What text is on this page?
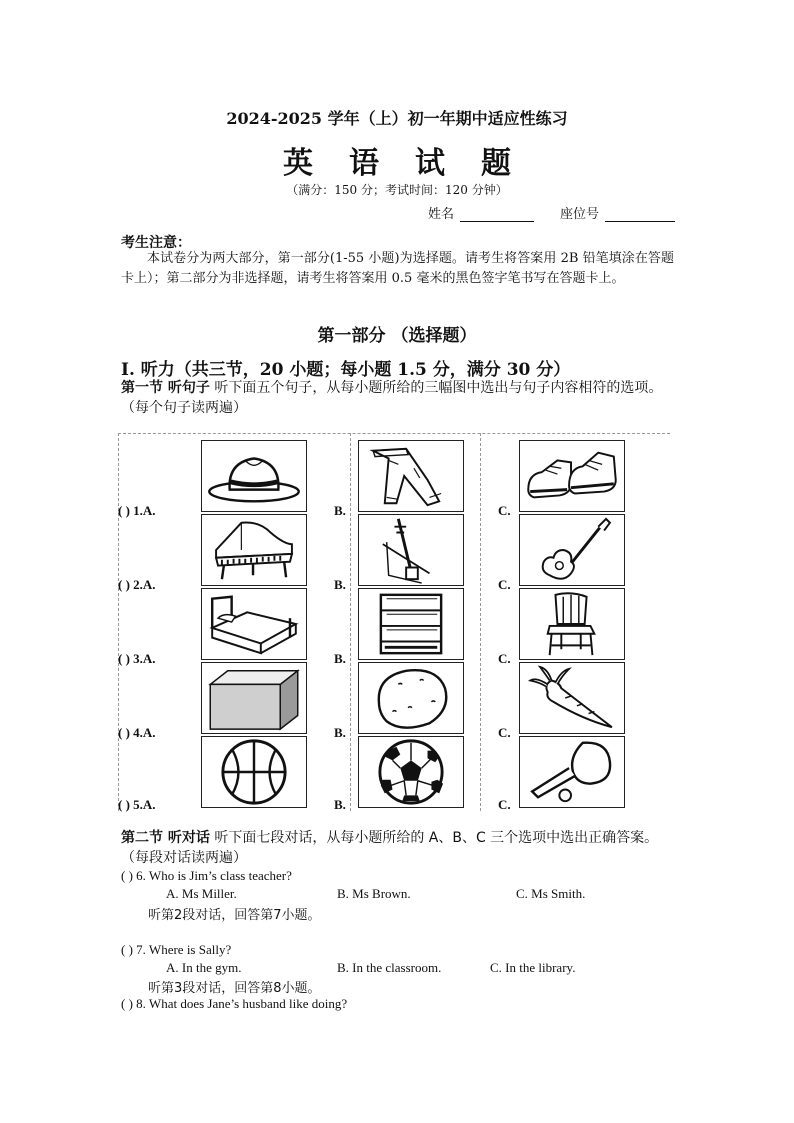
2024-2025 学年（上）初一年期中适应性练习
英语试题
（满分：150 分；考试时间：120 分钟）
姓名	座位号
考生注意：
本试卷分为两大部分，第一部分(1-55 小题)为选择题。请考生将答案用 2B 铅笔填涂在答题卡上）；第二部分为非选择题，请考生将答案用 0.5 毫米的黑色签字笔书写在答题卡上。
第一部分 （选择题）
I. 听力（共三节，20 小题；每小题 1.5 分，满分 30 分）
第一节 听句子 听下面五个句子，从每小题所给的三幅图中选出与句子内容相符的选项。（每个句子读两遍）
( ) 1.A.	B.	C.
( ) 2.A.	B.	C.
( ) 3.A.	B.	C.
( ) 4.A.	B.	C.
( ) 5.A.	B.	C.
第二节 听对话 听下面七段对话，从每小题所给的 A、B、C 三个选项中选出正确答案。（每段对话读两遍）
( ) 6. Who is Jim’s class teacher?
A. Ms Miller.	B. Ms Brown.	C. Ms Smith.
听第2段对话，回答第7小题。
( ) 7. Where is Sally?
A. In the gym.	B. In the classroom.	C. In the library.
听第3段对话，回答第8小题。
( ) 8. What does Jane’s husband like doing?
